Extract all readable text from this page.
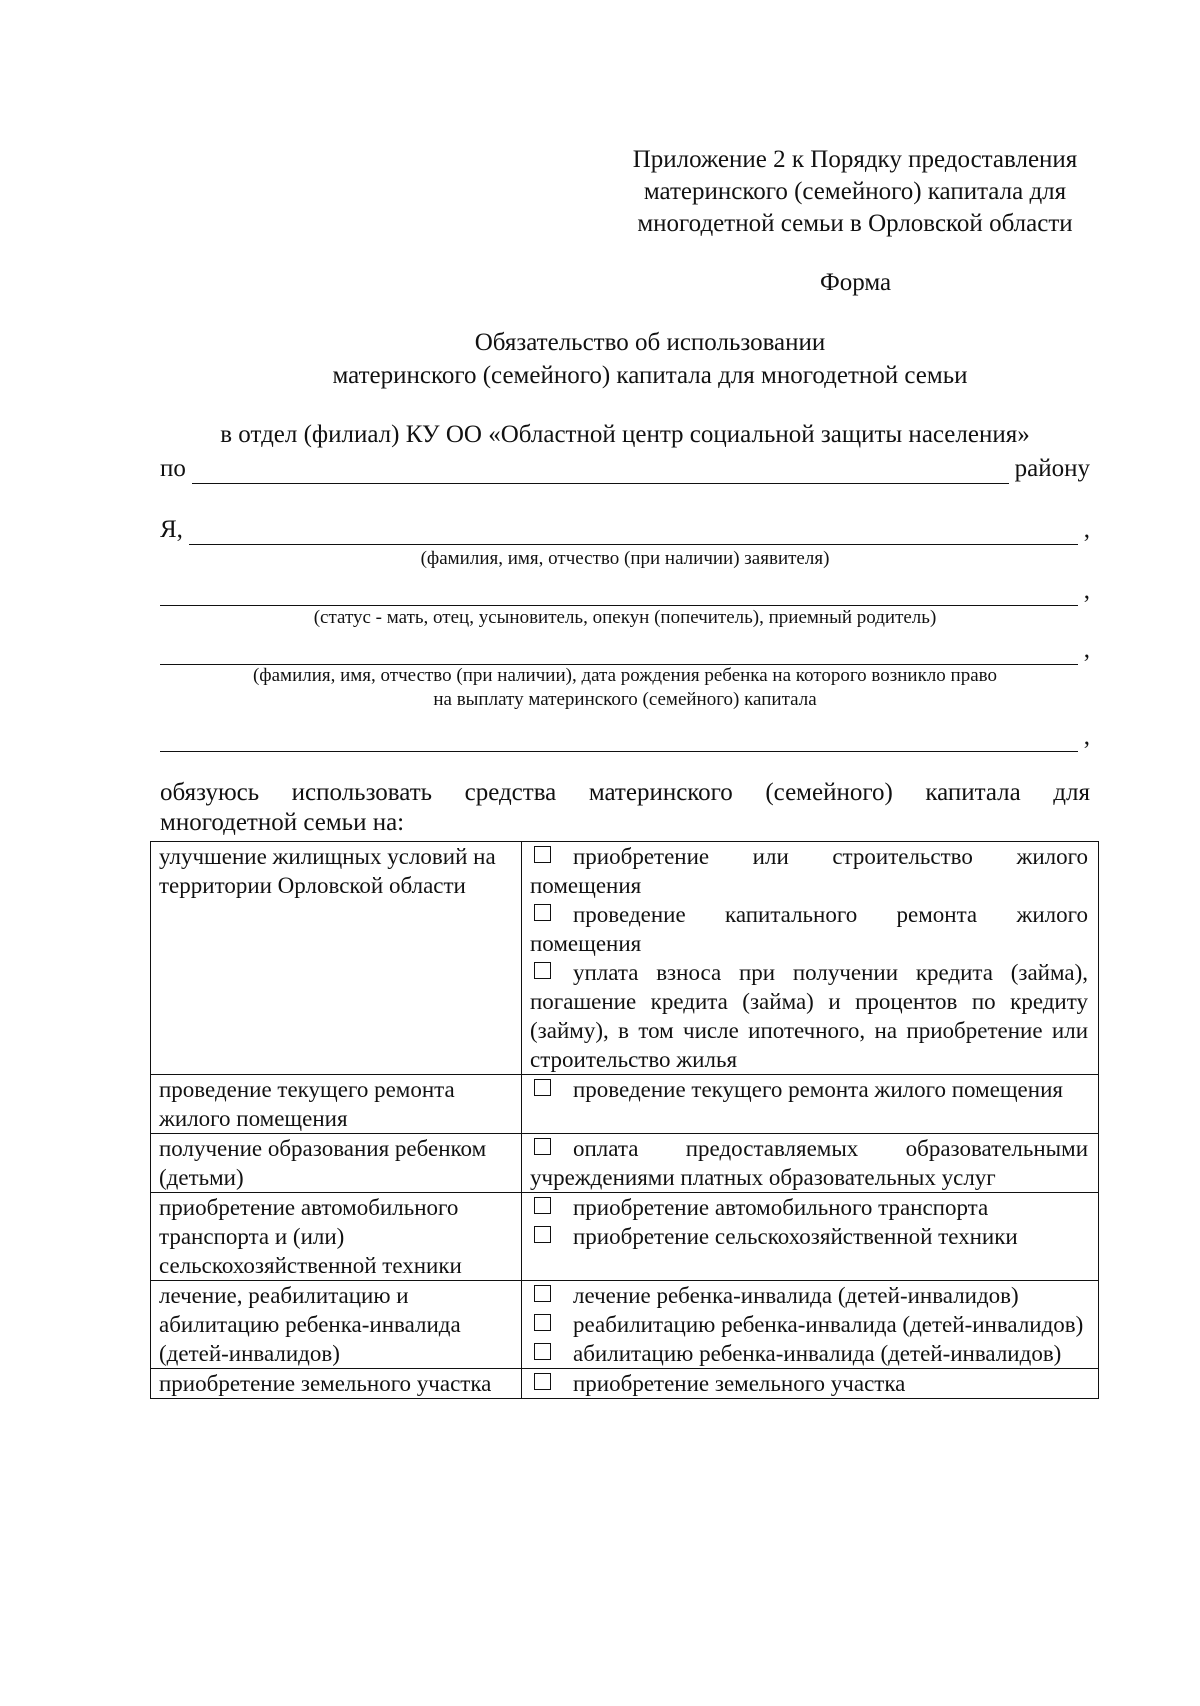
Приложение 2 к Порядку предоставления
материнского (семейного) капитала для
многодетной семьи в Орловской области
Форма
Обязательство об использовании
материнского (семейного) капитала для многодетной семьи
в отдел (филиал) КУ ОО «Областной центр социальной защиты населения»
по	району
Я,	,
(фамилия, имя, отчество (при наличии) заявителя)
,
(статус - мать, отец, усыновитель, опекун (попечитель), приемный родитель)
,
(фамилия, имя, отчество (при наличии), дата рождения ребенка на которого возникло право
на выплату материнского (семейного) капитала
,
обязуюсь использовать средства материнского (семейного) капитала для
многодетной семьи на:
улучшение жилищных условий на территории Орловской области	приобретение или строительство жилого помещения
проведение капитального ремонта жилого помещения
уплата взноса при получении кредита (займа), погашение кредита (займа) и процентов по кредиту (займу), в том числе ипотечного, на приобретение или строительство жилья

проведение текущего ремонта жилого помещения	проведение текущего ремонта жилого помещения

получение образования ребенком (детьми)	оплата предоставляемых образовательными учреждениями платных образовательных услуг

приобретение автомобильного транспорта и (или) сельскохозяйственной техники	приобретение автомобильного транспорта
приобретение сельскохозяйственной техники

лечение, реабилитацию и абилитацию ребенка-инвалида (детей-инвалидов)	лечение ребенка-инвалида (детей-инвалидов)
реабилитацию ребенка-инвалида (детей-инвалидов)
абилитацию ребенка-инвалида (детей-инвалидов)

приобретение земельного участка	приобретение земельного участка
